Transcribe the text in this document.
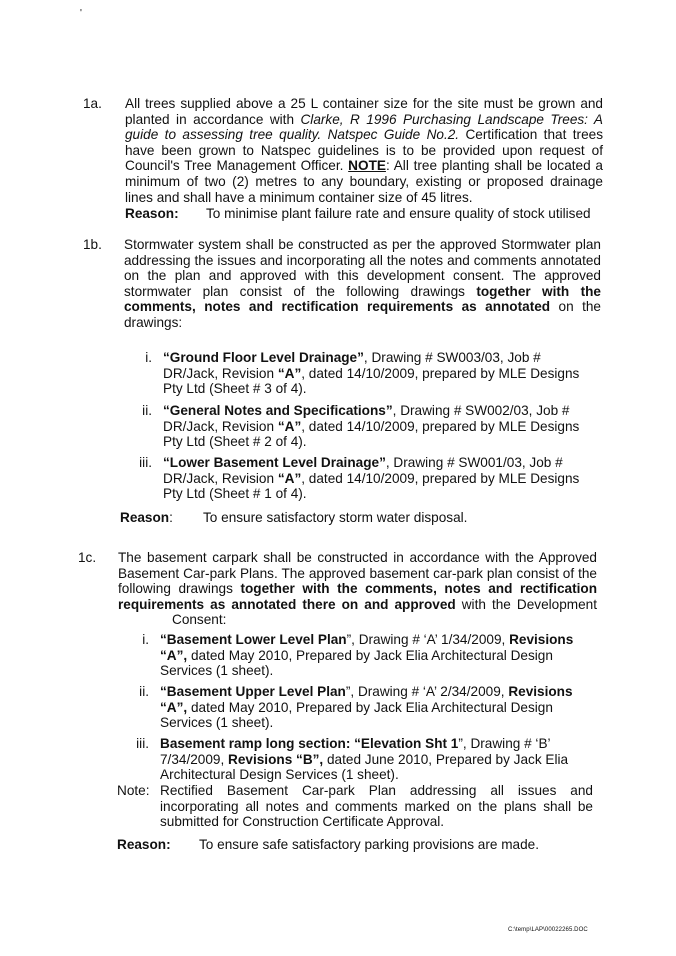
'
1a. All trees supplied above a 25 L container size for the site must be grown and planted in accordance with Clarke, R 1996 Purchasing Landscape Trees: A guide to assessing tree quality. Natspec Guide No.2. Certification that trees have been grown to Natspec guidelines is to be provided upon request of Council's Tree Management Officer. NOTE: All tree planting shall be located a minimum of two (2) metres to any boundary, existing or proposed drainage lines and shall have a minimum container size of 45 litres.
Reason: To minimise plant failure rate and ensure quality of stock utilised
1b. Stormwater system shall be constructed as per the approved Stormwater plan addressing the issues and incorporating all the notes and comments annotated on the plan and approved with this development consent. The approved stormwater plan consist of the following drawings together with the comments, notes and rectification requirements as annotated on the drawings:
i. “Ground Floor Level Drainage”, Drawing # SW003/03, Job # DR/Jack, Revision “A”, dated 14/10/2009, prepared by MLE Designs Pty Ltd (Sheet # 3 of 4).
ii. “General Notes and Specifications”, Drawing # SW002/03, Job # DR/Jack, Revision “A”, dated 14/10/2009, prepared by MLE Designs Pty Ltd (Sheet # 2 of 4).
iii. “Lower Basement Level Drainage”, Drawing # SW001/03, Job # DR/Jack, Revision “A”, dated 14/10/2009, prepared by MLE Designs Pty Ltd (Sheet # 1 of 4).
Reason: To ensure satisfactory storm water disposal.
1c. The basement carpark shall be constructed in accordance with the Approved Basement Car-park Plans. The approved basement car-park plan consist of the following drawings together with the comments, notes and rectification requirements as annotated there on and approved with the DevelopmentConsent:
i. “Basement Lower Level Plan”, Drawing # ‘A’ 1/34/2009, Revisions “A”, dated May 2010, Prepared by Jack Elia Architectural Design Services (1 sheet).
ii. “Basement Upper Level Plan”, Drawing # ‘A’ 2/34/2009, Revisions “A”, dated May 2010, Prepared by Jack Elia Architectural Design Services (1 sheet).
iii. Basement ramp long section: “Elevation Sht 1”, Drawing # ‘B’ 7/34/2009, Revisions “B”, dated June 2010, Prepared by Jack Elia Architectural Design Services (1 sheet).
Note: Rectified Basement Car-park Plan addressing all issues and incorporating all notes and comments marked on the plans shall be submitted for Construction Certificate Approval.
Reason: To ensure safe satisfactory parking provisions are made.
C:\temp\LAP\00022265.DOC
